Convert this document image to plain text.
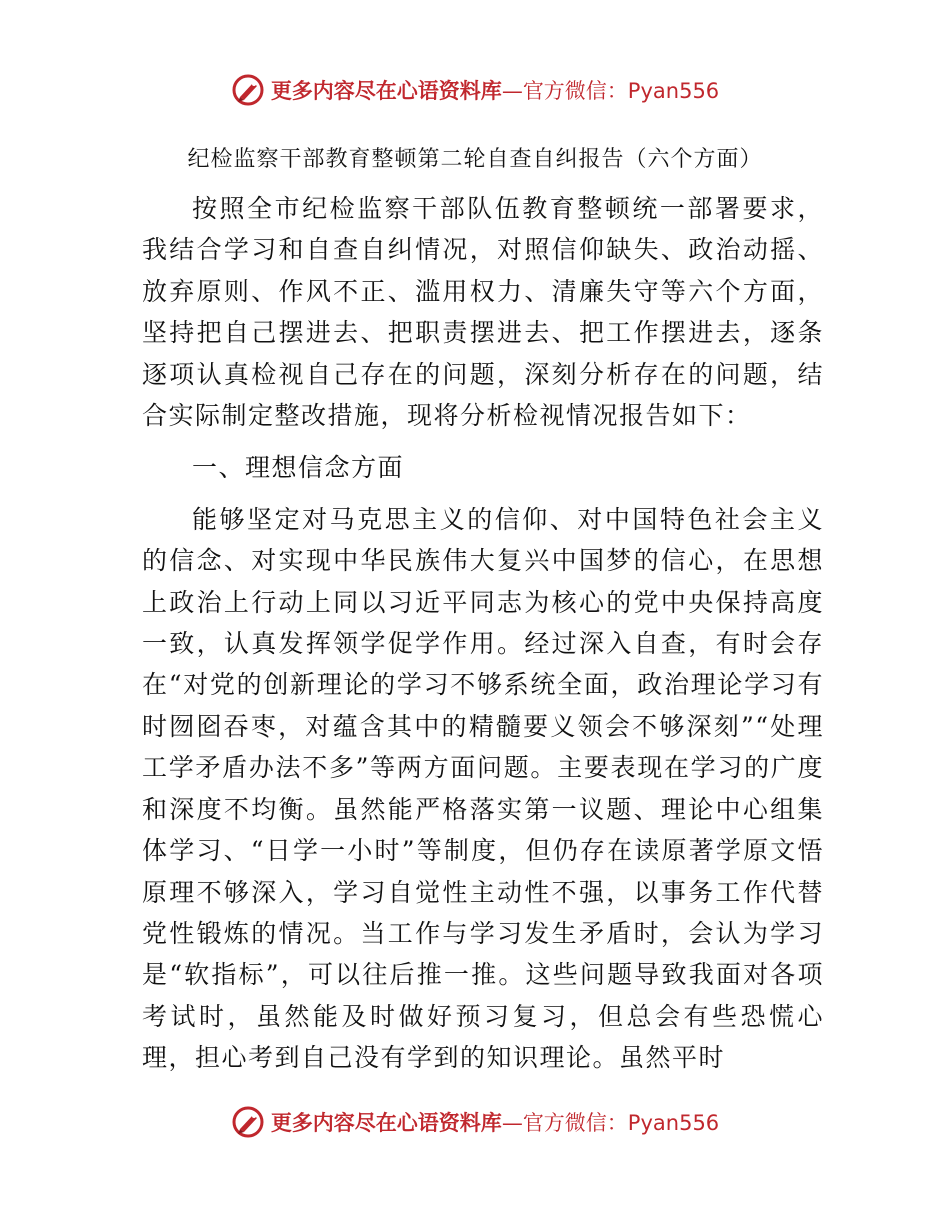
更多内容尽在心语资料库—官方微信：Pyan556
纪检监察干部教育整顿第二轮自查自纠报告（六个方面）

按照全市纪检监察干部队伍教育整顿统一部署要求，我结合学习和自查自纠情况，对照信仰缺失、政治动摇、放弃原则、作风不正、滥用权力、清廉失守等六个方面，坚持把自己摆进去、把职责摆进去、把工作摆进去，逐条逐项认真检视自己存在的问题，深刻分析存在的问题，结合实际制定整改措施，现将分析检视情况报告如下：

一、理想信念方面

能够坚定对马克思主义的信仰、对中国特色社会主义的信念、对实现中华民族伟大复兴中国梦的信心，在思想上政治上行动上同以习近平同志为核心的党中央保持高度一致，认真发挥领学促学作用。经过深入自查，有时会存在“对党的创新理论的学习不够系统全面，政治理论学习有时囫囵吞枣，对蕴含其中的精髓要义领会不够深刻”“处理工学矛盾办法不多”等两方面问题。主要表现在学习的广度和深度不均衡。虽然能严格落实第一议题、理论中心组集体学习、“日学一小时”等制度，但仍存在读原著学原文悟原理不够深入，学习自觉性主动性不强，以事务工作代替党性锻炼的情况。当工作与学习发生矛盾时，会认为学习是“软指标”，可以往后推一推。这些问题导致我面对各项考试时，虽然能及时做好预习复习，但总会有些恐慌心理，担心考到自己没有学到的知识理论。虽然平时

更多内容尽在心语资料库—官方微信：Pyan556
